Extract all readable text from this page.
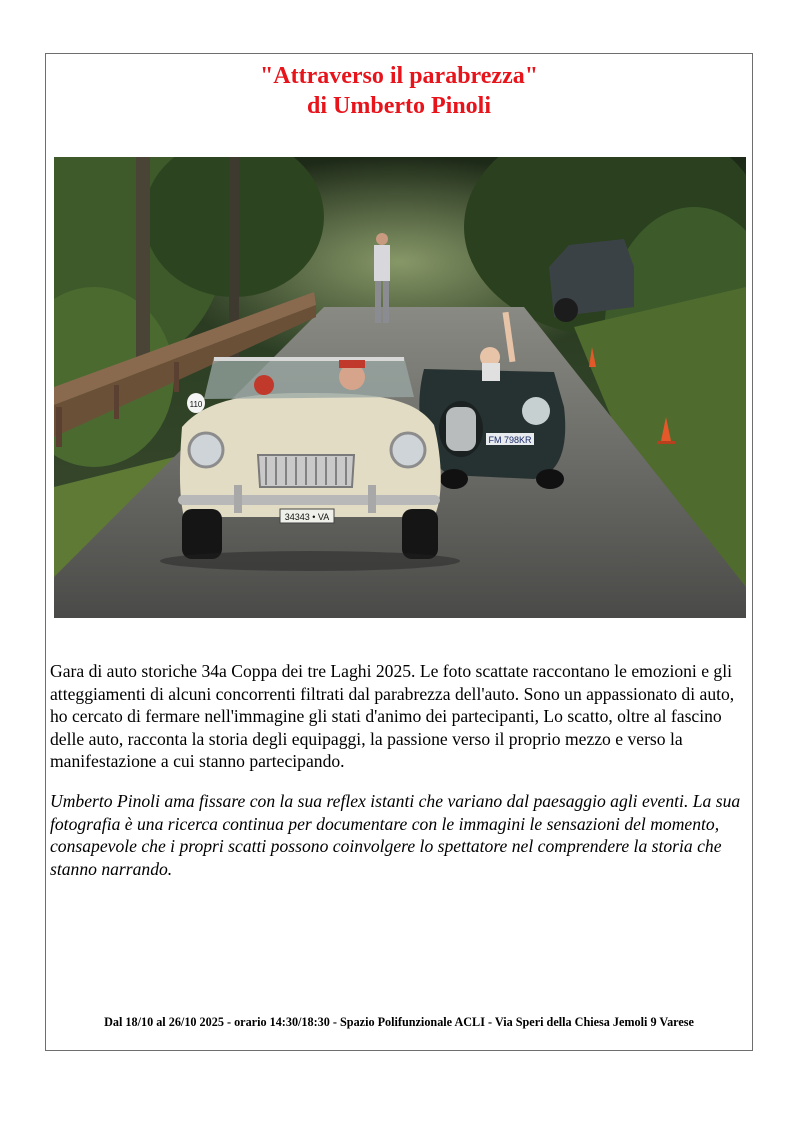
"Attraverso il parabrezza"
di Umberto Pinoli
FM 798KR
34343 • VA
110

Gara di auto storiche 34a Coppa dei tre Laghi 2025. Le foto scattate raccontano le emozioni e gli atteggiamenti di alcuni concorrenti filtrati dal parabrezza dell'auto. Sono un appassionato di auto, ho cercato di fermare nell'immagine gli stati d'animo dei partecipanti, Lo scatto, oltre al fascino delle auto, racconta la storia degli equipaggi, la passione verso il proprio mezzo e verso la manifestazione a cui stanno partecipando.

Umberto Pinoli ama fissare con la sua reflex istanti che variano dal paesaggio agli eventi. La sua fotografia è una ricerca continua per documentare con le immagini le sensazioni del momento, consapevole che i propri scatti possono coinvolgere lo spettatore nel comprendere la storia che stanno narrando.

Dal 18/10 al 26/10 2025 - orario 14:30/18:30 - Spazio Polifunzionale ACLI - Via Speri della Chiesa Jemoli 9 Varese
